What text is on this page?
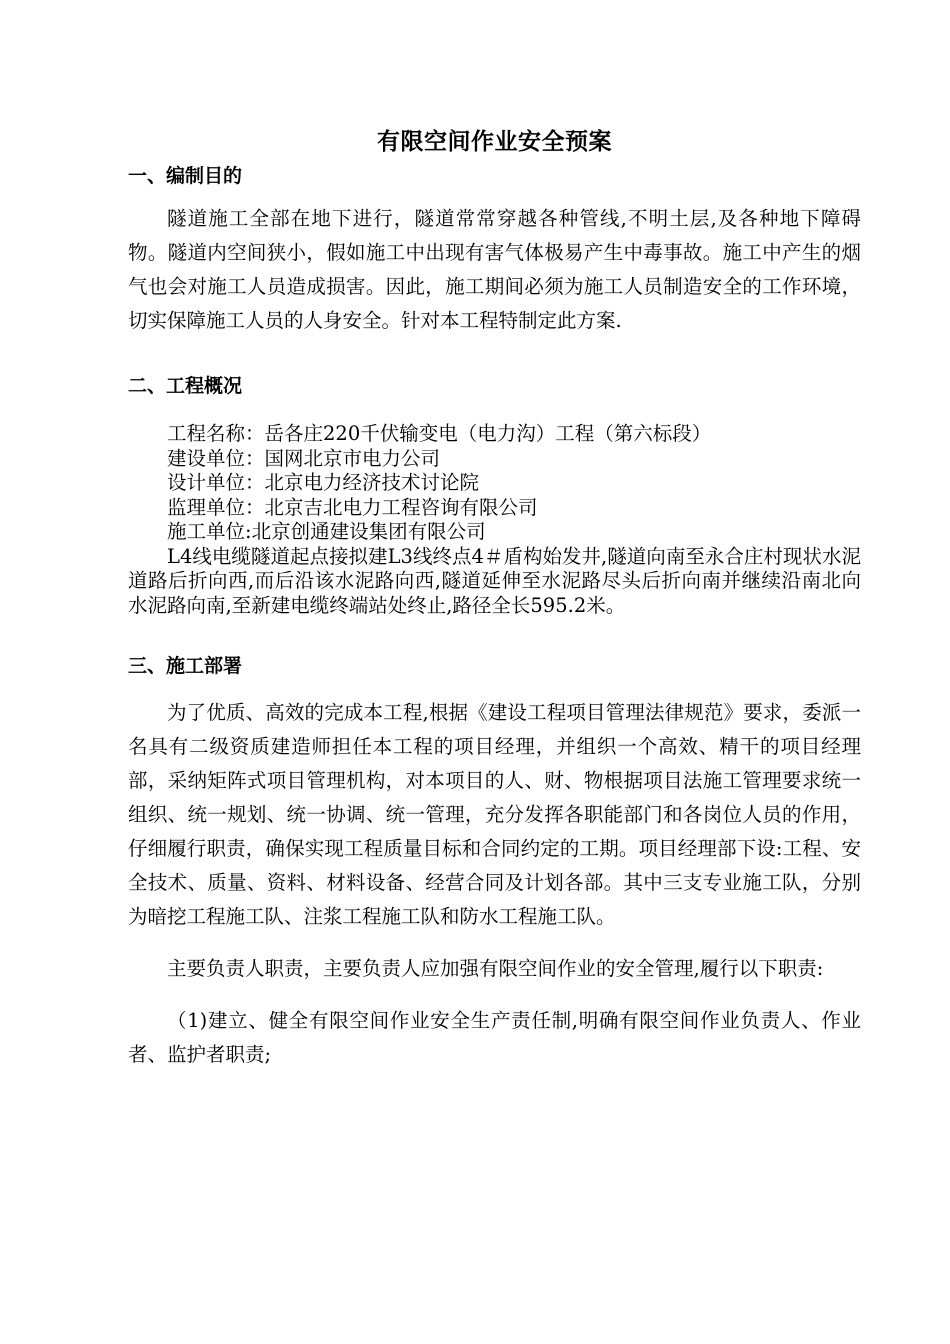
有限空间作业安全预案
一、编制目的

隧道施工全部在地下进行，隧道常常穿越各种管线,不明土层,及各种地下障碍物。隧道内空间狭小，假如施工中出现有害气体极易产生中毒事故。施工中产生的烟气也会对施工人员造成损害。因此，施工期间必须为施工人员制造安全的工作环境，切实保障施工人员的人身安全。针对本工程特制定此方案.

二、工程概况

工程名称：岳各庄220千伏输变电（电力沟）工程（第六标段）

建设单位：国网北京市电力公司

设计单位：北京电力经济技术讨论院

监理单位：北京吉北电力工程咨询有限公司

施工单位:北京创通建设集团有限公司

L4线电缆隧道起点接拟建L3线终点4＃盾构始发井,隧道向南至永合庄村现状水泥道路后折向西,而后沿该水泥路向西,隧道延伸至水泥路尽头后折向南并继续沿南北向水泥路向南,至新建电缆终端站处终止,路径全长595.2米。

三、施工部署

为了优质、高效的完成本工程,根据《建设工程项目管理法律规范》要求，委派一名具有二级资质建造师担任本工程的项目经理，并组织一个高效、精干的项目经理部，采纳矩阵式项目管理机构，对本项目的人、财、物根据项目法施工管理要求统一组织、统一规划、统一协调、统一管理，充分发挥各职能部门和各岗位人员的作用，仔细履行职责，确保实现工程质量目标和合同约定的工期。项目经理部下设:工程、安全技术、质量、资料、材料设备、经营合同及计划各部。其中三支专业施工队，分别为暗挖工程施工队、注浆工程施工队和防水工程施工队。

主要负责人职责，主要负责人应加强有限空间作业的安全管理,履行以下职责:

（1)建立、健全有限空间作业安全生产责任制,明确有限空间作业负责人、作业者、监护者职责;
